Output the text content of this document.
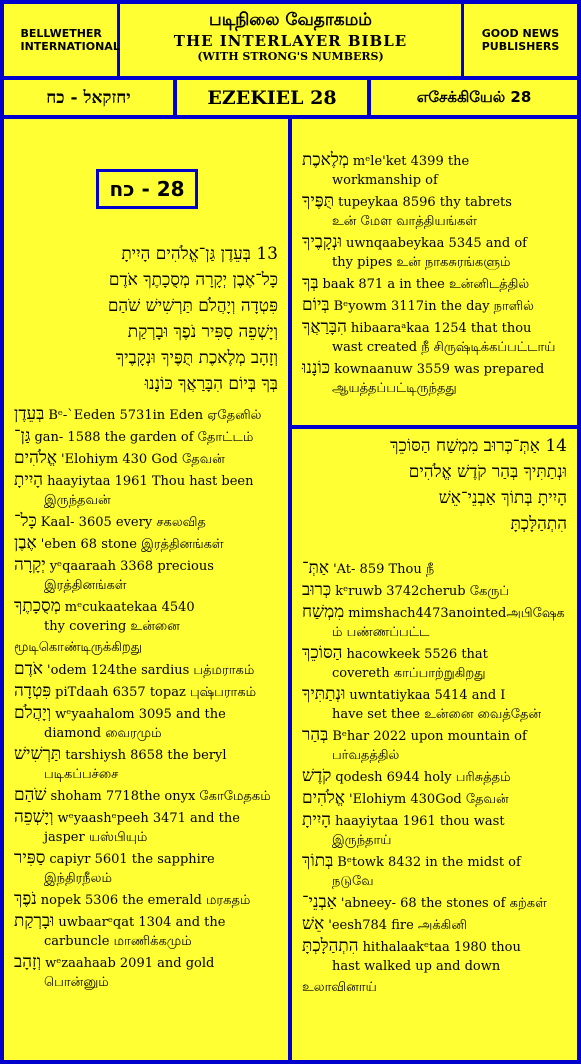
BELLWETHER INTERNATIONAL
படிநிலை வேதாகமம்
THE INTERLAYER BIBLE
(WITH STRONG'S NUMBERS)
GOOD NEWS PUBLISHERS
יחזקאל - כח	EZEKIEL 28	எசேக்கியேல் 28
28 - כח
13 בְּעֵדֶן גַּן־אֱלֹהִים הָיִיתָ
כָּל־אֶבֶן יְקָרָה מְסֻכָתֶךָ אֹדֶם
פִּטְדָה וְיָהֲלֹם תַּרְשִׁישׁ שֹׁהַם
וְיָשְׁפֵה סַפִּיר נֹפֶךְ וּבָרְקַת
וְזָהָב מְלֶאכֶת תֻּפֶּיךָ וּנְקָבֶיךָ
בְּךָ בְּיוֹם הִבָּרַאֲךָ כּוֹנָנוּ
בְּעֵדֶן Bᵉ-`Eeden 5731in Eden ஏதேனில்
גַּן־ gan- 1588 the garden of தோட்டம்
אֱלֹהִים 'Elohiym 430 God தேவன்
הָיִיתָ haayiytaa 1961 Thou hast been
இருந்தவன்
כָּל־ Kaal- 3605 every சகலவித
אֶבֶן 'eben 68 stone இரத்தினங்கள்
יְקָרָה yᵉqaaraah 3368 precious
இரத்தினங்கள்
מְסֻכָתֶךָ mᵉcukaatekaa 4540
thy covering உன்னை
மூடிகொண்டிருக்கிறது
אֹדֶם 'odem 124the sardius பத்மராகம்
פִּטְדָה piTdaah 6357 topaz புஷ்பராகம்
וְיָהֲלֹם wᵉyaahalom 3095 and the
diamond வைரமும்
תַּרְשִׁישׁ tarshiysh 8658 the beryl
படிகப்பச்சை
שֹׁהַם shoham 7718the onyx கோமேதகம்
וְיָשְׁפֵה wᵉyaashᵉpeeh 3471 and the
jasper யஸ்பியும்
סַפִּיר capiyr 5601 the sapphire
இந்திரநீலம்
נֹפֶךְ nopek 5306 the emerald மரகதம்
וּבָרְקַת uwbaarᵉqat 1304 and the
carbuncle மாணிக்கமும்
וְזָהָב wᵉzaahaab 2091 and gold
பொன்னும்
מְלֶאכֶת mᵉle'ket 4399 the
workmanship of
תֻּפֶּיךָ tupeykaa 8596 thy tabrets
உன் மேள வாத்தியங்கள்
וּנְקָבֶיךָ uwnqaabeykaa 5345 and of
thy pipes உன் நாகசுரங்களும்
בְּךָ baak 871 a in thee உன்னிடத்தில்
בְּיוֹם Bᵉyowm 3117in the day நாளில்
הִבָּרַאֲךָ hibaaraᵃkaa 1254 that thou
wast created நீ சிருஷ்டிக்கப்பட்டாய்
כּוֹנָנוּ kownaanuw 3559 was prepared
ஆயத்தப்பட்டிருந்தது
14 אַתְּ־כְּרוּב מִמְשַׁח הַסּוֹכֵךְ
וּנְתַתִּיךָ בְּהַר קֹדֶשׁ אֱלֹהִים
הָיִיתָ בְּתוֹךְ אַבְנֵי־אֵשׁ
הִתְהַלָּכְתָּ
אַתְּ־ 'At- 859 Thou நீ
כְּרוּב kᵉruwb 3742cherub கேருப்
מִמְשַׁח mimshach4473anointedஅபிஷேக
ம் பண்ணப்பட்ட
הַסּוֹכֵךְ hacowkeek 5526 that
covereth காப்பாற்றுகிறது
וּנְתַתִּיךָ uwntatiykaa 5414 and I
have set thee உன்னை வைத்தேன்
בְּהַר Bᵉhar 2022 upon mountain of
பர்வதத்தில்
קֹדֶשׁ qodesh 6944 holy பரிசுத்தம்
אֱלֹהִים 'Elohiym 430God தேவன்
הָיִיתָ haayiytaa 1961 thou wast
இருந்தாய்
בְּתוֹךְ Bᵉtowk 8432 in the midst of
நடுவே
אַבְנֵי־ 'abneey- 68 the stones of கற்கள்
אֵשׁ 'eesh784 fire அக்கினி
הִתְהַלָּכְתָּ hithalaakᵉtaa 1980 thou
hast walked up and down
உலாவினாய்
